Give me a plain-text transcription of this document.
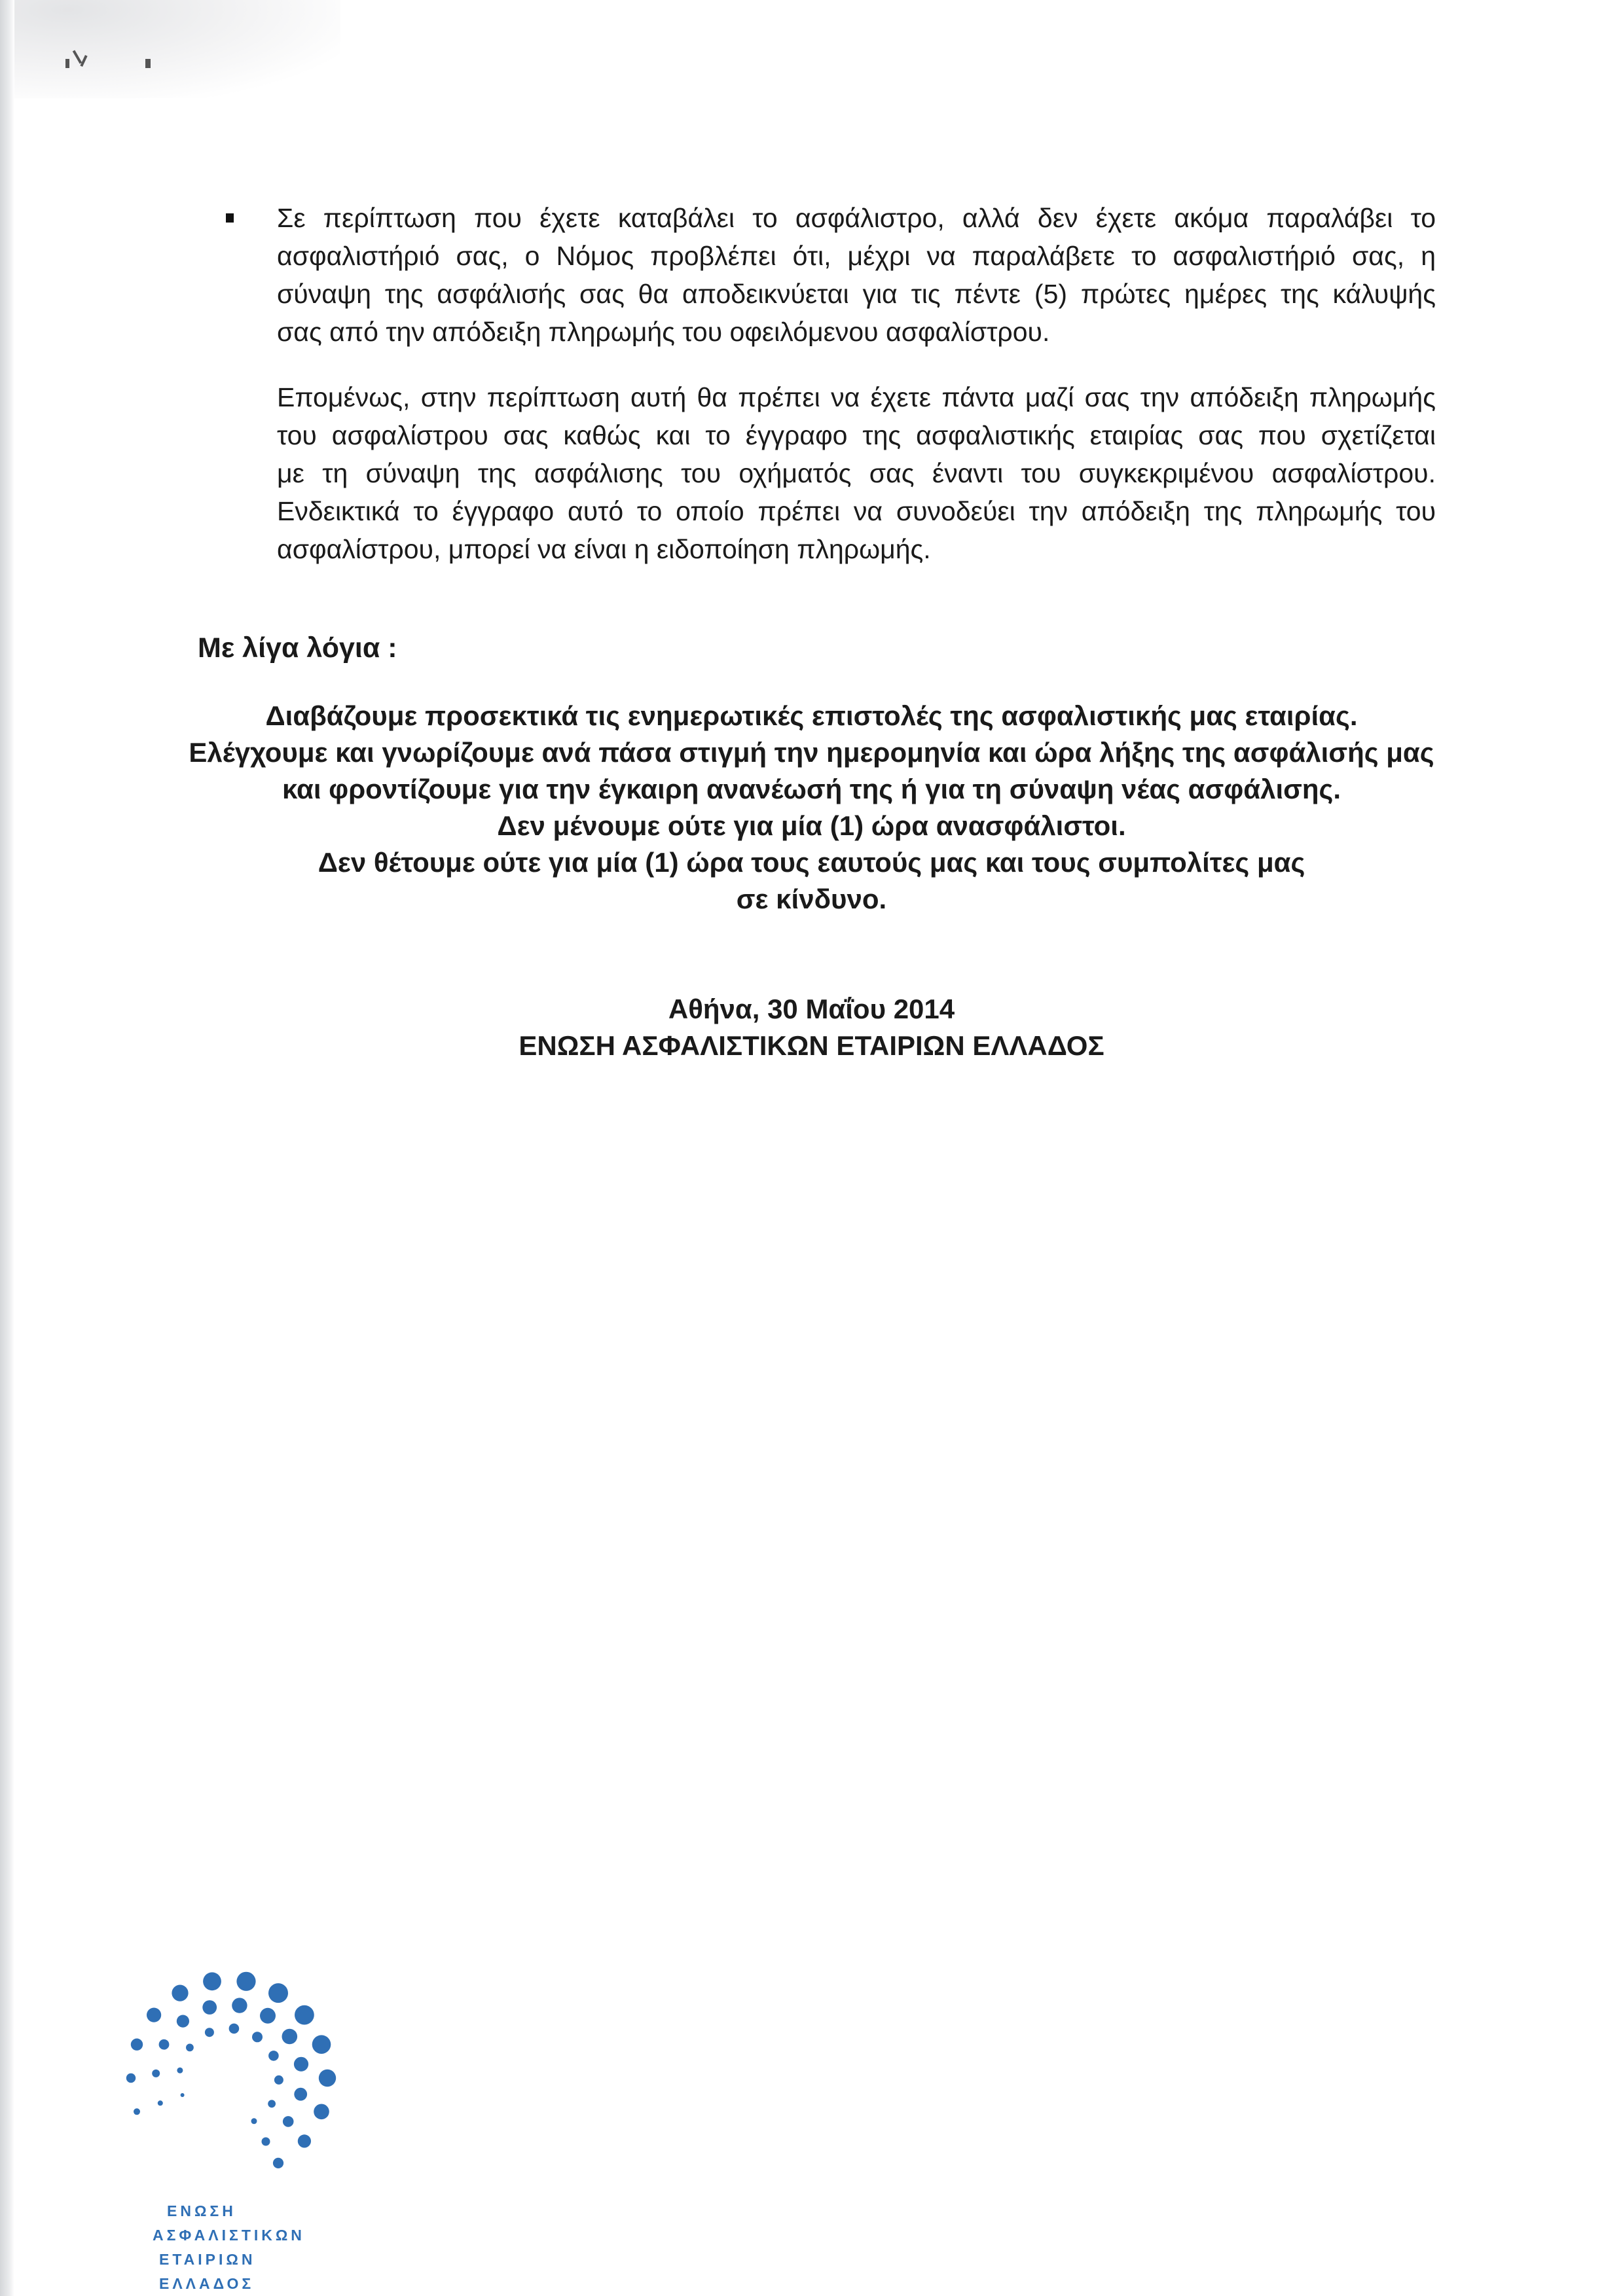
Σε περίπτωση που έχετε καταβάλει το ασφάλιστρο, αλλά δεν έχετε ακόμα παραλάβει το
ασφαλιστήριό σας, ο Νόμος προβλέπει ότι, μέχρι να παραλάβετε το ασφαλιστήριό σας, η
σύναψη της ασφάλισής σας θα αποδεικνύεται για τις πέντε (5) πρώτες ημέρες της κάλυψής
σας από την απόδειξη πληρωμής του οφειλόμενου ασφαλίστρου.
Επομένως, στην περίπτωση αυτή θα πρέπει να έχετε πάντα μαζί σας την απόδειξη πληρωμής
του ασφαλίστρου σας καθώς και το έγγραφο της ασφαλιστικής εταιρίας σας που σχετίζεται
με τη σύναψη της ασφάλισης του οχήματός σας έναντι του συγκεκριμένου ασφαλίστρου.
Ενδεικτικά το έγγραφο αυτό το οποίο πρέπει να συνοδεύει την απόδειξη της πληρωμής του
ασφαλίστρου, μπορεί να είναι η ειδοποίηση πληρωμής.
Με λίγα λόγια :
Διαβάζουμε προσεκτικά τις ενημερωτικές επιστολές της ασφαλιστικής μας εταιρίας.
Ελέγχουμε και γνωρίζουμε ανά πάσα στιγμή την ημερομηνία και ώρα λήξης της ασφάλισής μας
και φροντίζουμε για την έγκαιρη ανανέωσή της ή για τη σύναψη νέας ασφάλισης.
Δεν μένουμε ούτε για μία (1) ώρα ανασφάλιστοι.
Δεν θέτουμε ούτε για μία (1) ώρα τους εαυτούς μας και τους συμπολίτες μας
σε κίνδυνο.
Αθήνα, 30 Μαΐου 2014
ΕΝΩΣΗ ΑΣΦΑΛΙΣΤΙΚΩΝ ΕΤΑΙΡΙΩΝ ΕΛΛΑΔΟΣ
ΕΝΩΣΗ
ΑΣΦΑΛΙΣΤΙΚΩΝ
ΕΤΑΙΡΙΩΝ
ΕΛΛΑΔΟΣ
